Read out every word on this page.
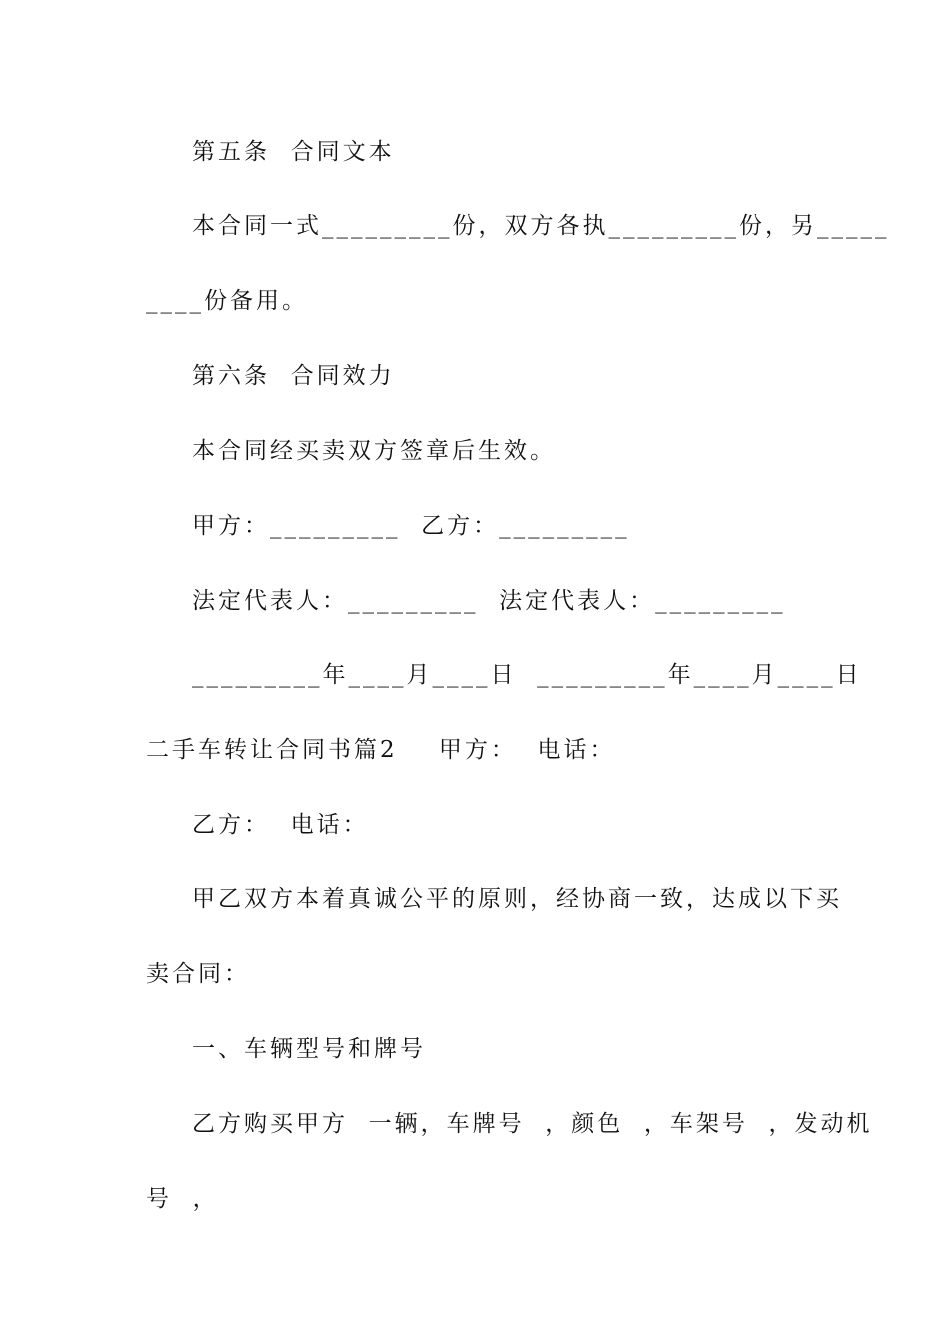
第五条  合同文本
本合同一式_________份，双方各执_________份，另_____
____份备用。
第六条  合同效力
本合同经买卖双方签章后生效。
甲方：_________  乙方：_________
法定代表人：_________  法定代表人：_________
_________年____月____日  _________年____月____日
二手车转让合同书篇2    甲方：  电话：
乙方：  电话：
甲乙双方本着真诚公平的原则，经协商一致，达成以下买
卖合同：
一、车辆型号和牌号
乙方购买甲方  一辆，车牌号  ，颜色  ，车架号  ，发动机
号  ，
